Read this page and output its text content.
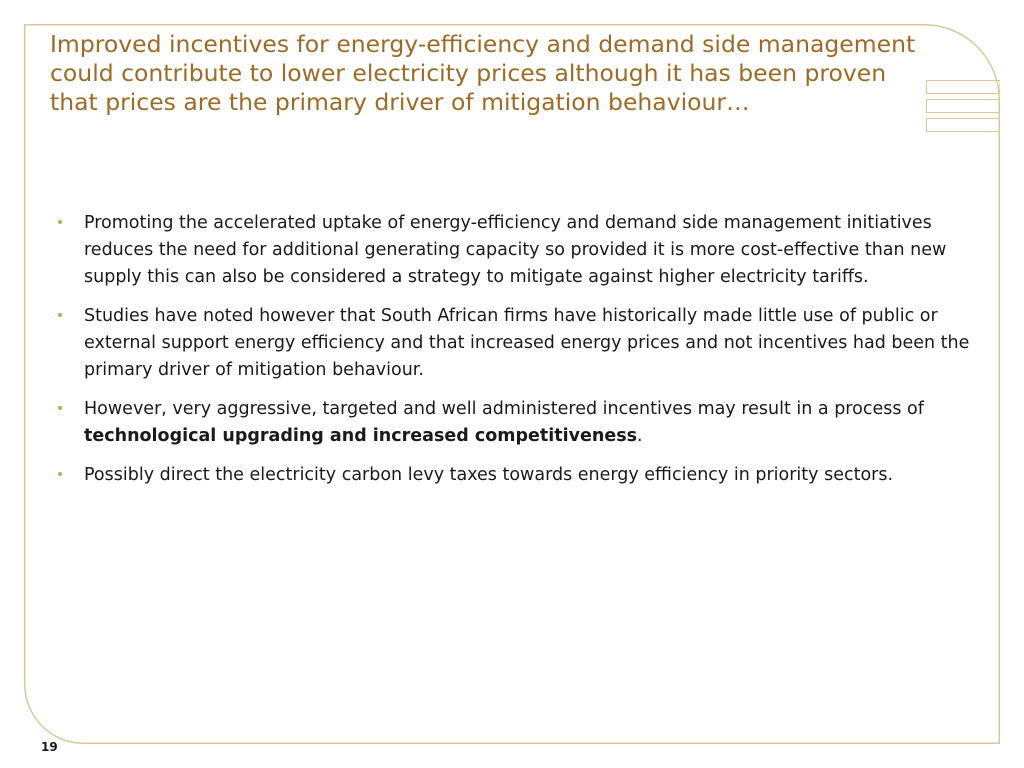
Improved incentives for energy-efficiency and demand side management could contribute to lower electricity prices although it has been proven that prices are the primary driver of mitigation behaviour…
• Promoting the accelerated uptake of energy-efficiency and demand side management initiatives reduces the need for additional generating capacity so provided it is more cost-effective than new supply this can also be considered a strategy to mitigate against higher electricity tariffs.
• Studies have noted however that South African firms have historically made little use of public or external support energy efficiency and that increased energy prices and not incentives had been the primary driver of mitigation behaviour.
• However, very aggressive, targeted and well administered incentives may result in a process of technological upgrading and increased competitiveness.
• Possibly direct the electricity carbon levy taxes towards energy efficiency in priority sectors.
19
